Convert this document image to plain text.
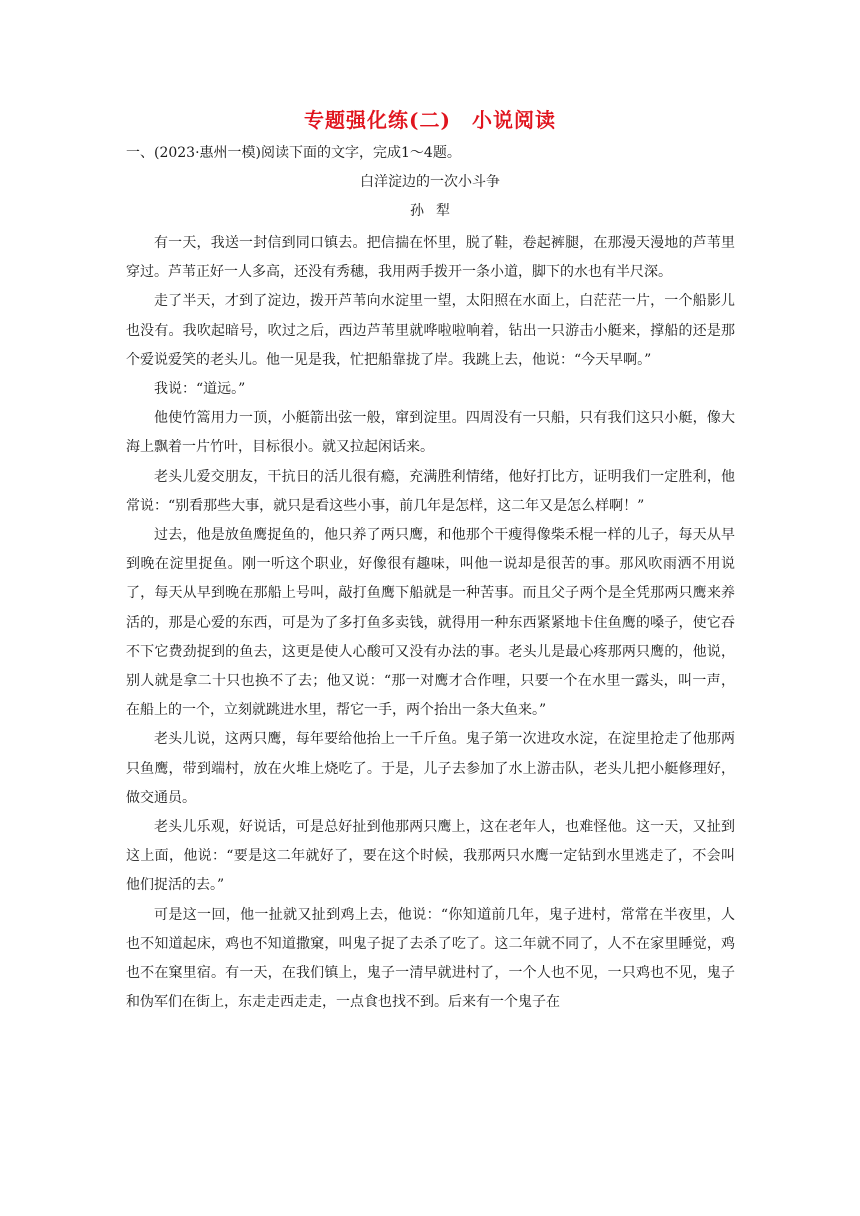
专题强化练(二)　小说阅读
一、(2023·惠州一模)阅读下面的文字，完成1～4题。
白洋淀边的一次小斗争
孙犁

有一天，我送一封信到同口镇去。把信揣在怀里，脱了鞋，卷起裤腿，在那漫天漫地的芦苇里穿过。芦苇正好一人多高，还没有秀穗，我用两手拨开一条小道，脚下的水也有半尺深。

走了半天，才到了淀边，拨开芦苇向水淀里一望，太阳照在水面上，白茫茫一片，一个船影儿也没有。我吹起暗号，吹过之后，西边芦苇里就哗啦啦响着，钻出一只游击小艇来，撑船的还是那个爱说爱笑的老头儿。他一见是我，忙把船靠拢了岸。我跳上去，他说：“今天早啊。”

我说：“道远。”

他使竹篙用力一顶，小艇箭出弦一般，窜到淀里。四周没有一只船，只有我们这只小艇，像大海上飘着一片竹叶，目标很小。就又拉起闲话来。

老头儿爱交朋友，干抗日的活儿很有瘾，充满胜利情绪，他好打比方，证明我们一定胜利，他常说：“别看那些大事，就只是看这些小事，前几年是怎样，这二年又是怎么样啊！”

过去，他是放鱼鹰捉鱼的，他只养了两只鹰，和他那个干瘦得像柴禾棍一样的儿子，每天从早到晚在淀里捉鱼。刚一听这个职业，好像很有趣味，叫他一说却是很苦的事。那风吹雨洒不用说了，每天从早到晚在那船上号叫，敲打鱼鹰下船就是一种苦事。而且父子两个是全凭那两只鹰来养活的，那是心爱的东西，可是为了多打鱼多卖钱，就得用一种东西紧紧地卡住鱼鹰的嗓子，使它吞不下它费劲捉到的鱼去，这更是使人心酸可又没有办法的事。老头儿是最心疼那两只鹰的，他说，别人就是拿二十只也换不了去；他又说：“那一对鹰才合作哩，只要一个在水里一露头，叫一声，在船上的一个，立刻就跳进水里，帮它一手，两个抬出一条大鱼来。”

老头儿说，这两只鹰，每年要给他抬上一千斤鱼。鬼子第一次进攻水淀，在淀里抢走了他那两只鱼鹰，带到端村，放在火堆上烧吃了。于是，儿子去参加了水上游击队，老头儿把小艇修理好，做交通员。

老头儿乐观，好说话，可是总好扯到他那两只鹰上，这在老年人，也难怪他。这一天，又扯到这上面，他说：“要是这二年就好了，要在这个时候，我那两只水鹰一定钻到水里逃走了，不会叫他们捉活的去。”

可是这一回，他一扯就又扯到鸡上去，他说：“你知道前几年，鬼子进村，常常在半夜里，人也不知道起床，鸡也不知道撒窠，叫鬼子捉了去杀了吃了。这二年就不同了，人不在家里睡觉，鸡也不在窠里宿。有一天，在我们镇上，鬼子一清早就进村了，一个人也不见，一只鸡也不见，鬼子和伪军们在街上，东走走西走走，一点食也找不到。后来有一个鬼子在
